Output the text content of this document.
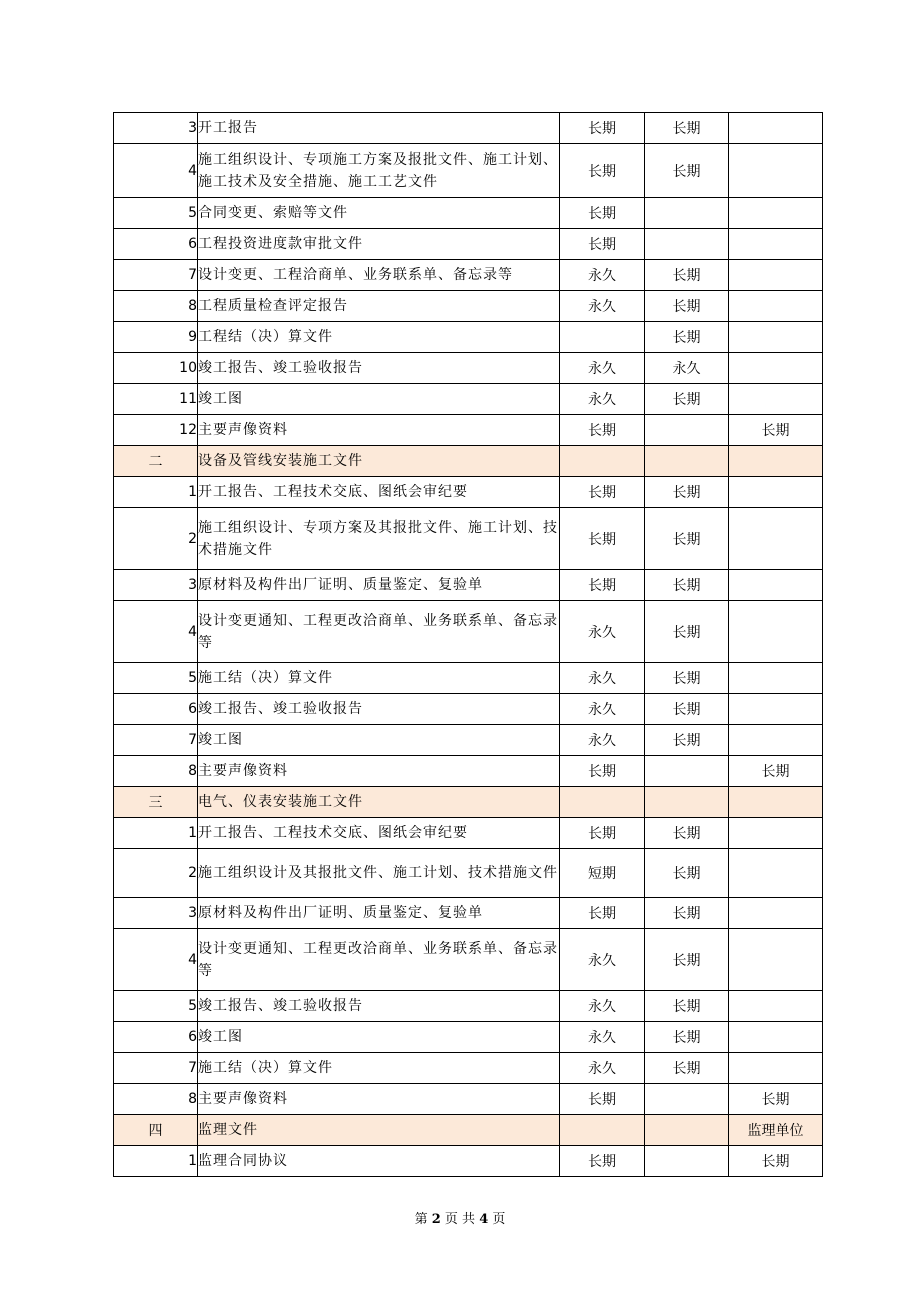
3	开工报告	长期	长期	
4	施工组织设计、专项施工方案及报批文件、施工计划、施工技术及安全措施、施工工艺文件	长期	长期	
5	合同变更、索赔等文件	长期		
6	工程投资进度款审批文件	长期		
7	设计变更、工程洽商单、业务联系单、备忘录等	永久	长期	
8	工程质量检查评定报告	永久	长期	
9	工程结（决）算文件		长期	
10	竣工报告、竣工验收报告	永久	永久	
11	竣工图	永久	长期	
12	主要声像资料	长期		长期
二	设备及管线安装施工文件			
1	开工报告、工程技术交底、图纸会审纪要	长期	长期	
2	施工组织设计、专项方案及其报批文件、施工计划、技术措施文件	长期	长期	
3	原材料及构件出厂证明、质量鉴定、复验单	长期	长期	
4	设计变更通知、工程更改洽商单、业务联系单、备忘录等	永久	长期	
5	施工结（决）算文件	永久	长期	
6	竣工报告、竣工验收报告	永久	长期	
7	竣工图	永久	长期	
8	主要声像资料	长期		长期
三	电气、仪表安装施工文件			
1	开工报告、工程技术交底、图纸会审纪要	长期	长期	
2	施工组织设计及其报批文件、施工计划、技术措施文件	短期	长期	
3	原材料及构件出厂证明、质量鉴定、复验单	长期	长期	
4	设计变更通知、工程更改洽商单、业务联系单、备忘录等	永久	长期	
5	竣工报告、竣工验收报告	永久	长期	
6	竣工图	永久	长期	
7	施工结（决）算文件	永久	长期	
8	主要声像资料	长期		长期
四	监理文件			监理单位
1	监理合同协议	长期		长期
第 2 页 共 4 页
